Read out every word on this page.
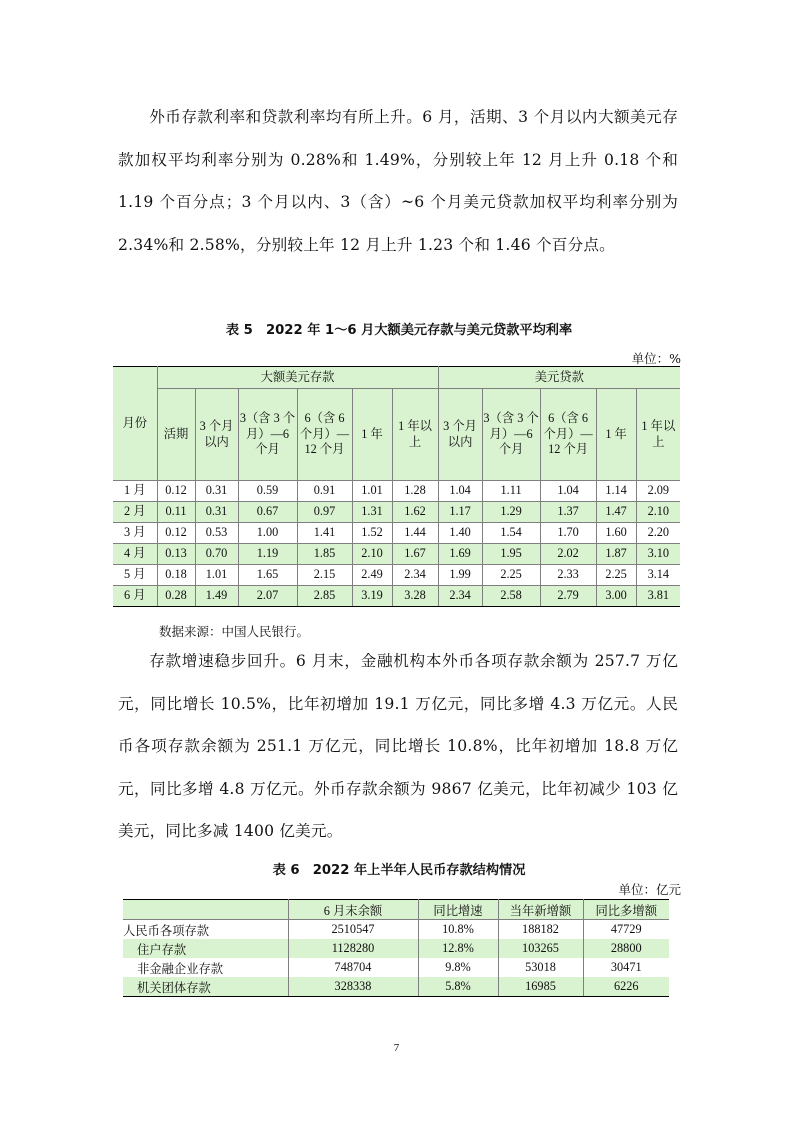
外币存款利率和贷款利率均有所上升。6 月，活期、3 个月以内大额美元存款加权平均利率分别为 0.28%和 1.49%，分别较上年 12 月上升 0.18 个和 1.19 个百分点；3 个月以内、3（含）~6 个月美元贷款加权平均利率分别为 2.34%和 2.58%，分别较上年 12 月上升 1.23 个和 1.46 个百分点。

表 5　2022 年 1～6 月大额美元存款与美元贷款平均利率
单位：%
月份	大额美元存款						美元贷款				
	活期	3 个月以内	3（含 3 个月）—6 个月	6（含 6 个月）—12 个月	1 年	1 年以上	3 个月以内	3（含 3 个月）—6 个月	6（含 6 个月）—12 个月	1 年	1 年以上
1 月	0.12	0.31	0.59	0.91	1.01	1.28	1.04	1.11	1.04	1.14	2.09
2 月	0.11	0.31	0.67	0.97	1.31	1.62	1.17	1.29	1.37	1.47	2.10
3 月	0.12	0.53	1.00	1.41	1.52	1.44	1.40	1.54	1.70	1.60	2.20
4 月	0.13	0.70	1.19	1.85	2.10	1.67	1.69	1.95	2.02	1.87	3.10
5 月	0.18	1.01	1.65	2.15	2.49	2.34	1.99	2.25	2.33	2.25	3.14
6 月	0.28	1.49	2.07	2.85	3.19	3.28	2.34	2.58	2.79	3.00	3.81
数据来源：中国人民银行。

存款增速稳步回升。6 月末，金融机构本外币各项存款余额为 257.7 万亿元，同比增长 10.5%，比年初增加 19.1 万亿元，同比多增 4.3 万亿元。人民币各项存款余额为 251.1 万亿元，同比增长 10.8%，比年初增加 18.8 万亿元，同比多增 4.8 万亿元。外币存款余额为 9867 亿美元，比年初减少 103 亿美元，同比多减 1400 亿美元。

表 6　2022 年上半年人民币存款结构情况
单位：亿元
	6 月末余额	同比增速	当年新增额	同比多增额
人民币各项存款	2510547	10.8%	188182	47729
住户存款	1128280	12.8%	103265	28800
非金融企业存款	748704	9.8%	53018	30471
机关团体存款	328338	5.8%	16985	6226
7
